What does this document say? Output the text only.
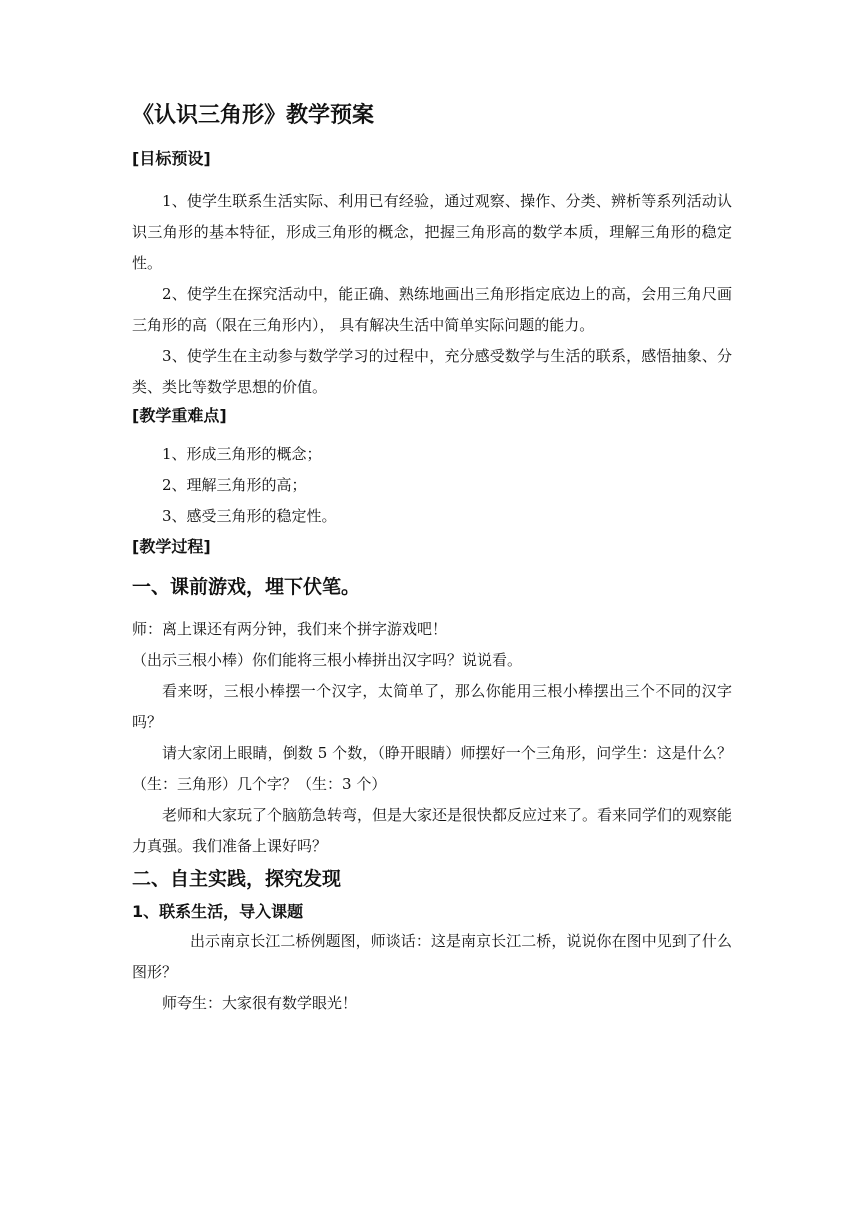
《认识三角形》教学预案
[目标预设]

1、使学生联系生活实际、利用已有经验，通过观察、操作、分类、辨析等系列活动认识三角形的基本特征，形成三角形的概念，把握三角形高的数学本质，理解三角形的稳定性。

2、使学生在探究活动中，能正确、熟练地画出三角形指定底边上的高，会用三角尺画三角形的高（限在三角形内）， 具有解决生活中简单实际问题的能力。

3、使学生在主动参与数学学习的过程中，充分感受数学与生活的联系，感悟抽象、分类、类比等数学思想的价值。

[教学重难点]

1、形成三角形的概念；

2、理解三角形的高；

3、感受三角形的稳定性。

[教学过程]
一、课前游戏，埋下伏笔。

师：离上课还有两分钟，我们来个拼字游戏吧！

（出示三根小棒）你们能将三根小棒拼出汉字吗？说说看。

看来呀，三根小棒摆一个汉字，太简单了，那么你能用三根小棒摆出三个不同的汉字吗？

请大家闭上眼睛，倒数 5 个数，（睁开眼睛）师摆好一个三角形，问学生：这是什么？（生：三角形）几个字？（生：3 个）

老师和大家玩了个脑筋急转弯，但是大家还是很快都反应过来了。看来同学们的观察能力真强。我们准备上课好吗？

二、自主实践，探究发现
1、联系生活，导入课题

出示南京长江二桥例题图，师谈话：这是南京长江二桥，说说你在图中见到了什么图形？

师夸生：大家很有数学眼光！
